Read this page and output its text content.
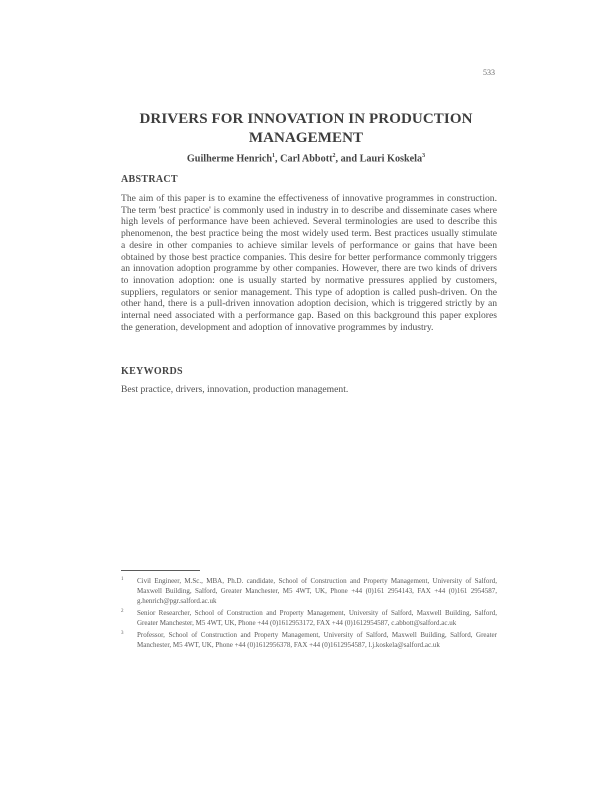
533
DRIVERS FOR INNOVATION IN PRODUCTION MANAGEMENT
Guilherme Henrich$^1$, Carl Abbott$^2$, and Lauri Koskela$^3$
ABSTRACT

The aim of this paper is to examine the effectiveness of innovative programmes in construction. The term 'best practice' is commonly used in industry in to describe and disseminate cases where high levels of performance have been achieved. Several terminologies are used to describe this phenomenon, the best practice being the most widely used term. Best practices usually stimulate a desire in other companies to achieve similar levels of performance or gains that have been obtained by those best practice companies. This desire for better performance commonly triggers an innovation adoption programme by other companies. However, there are two kinds of drivers to innovation adoption: one is usually started by normative pressures applied by customers, suppliers, regulators or senior management. This type of adoption is called push-driven. On the other hand, there is a pull-driven innovation adoption decision, which is triggered strictly by an internal need associated with a performance gap. Based on this background this paper explores the generation, development and adoption of innovative programmes by industry.

KEYWORDS

Best practice, drivers, innovation, production management.

1 Civil Engineer, M.Sc., MBA, Ph.D. candidate, School of Construction and Property Management, University of Salford, Maxwell Building, Salford, Greater Manchester, M5 4WT, UK, Phone +44 (0)161 2954143, FAX +44 (0)161 2954587, g.henrich@pgr.salford.ac.uk

2 Senior Researcher, School of Construction and Property Management, University of Salford, Maxwell Building, Salford, Greater Manchester, M5 4WT, UK, Phone +44 (0)1612953172, FAX +44 (0)1612954587, c.abbott@salford.ac.uk

3 Professor, School of Construction and Property Management, University of Salford, Maxwell Building, Salford, Greater Manchester, M5 4WT, UK, Phone +44 (0)1612956378, FAX +44 (0)1612954587, l.j.koskela@salford.ac.uk
